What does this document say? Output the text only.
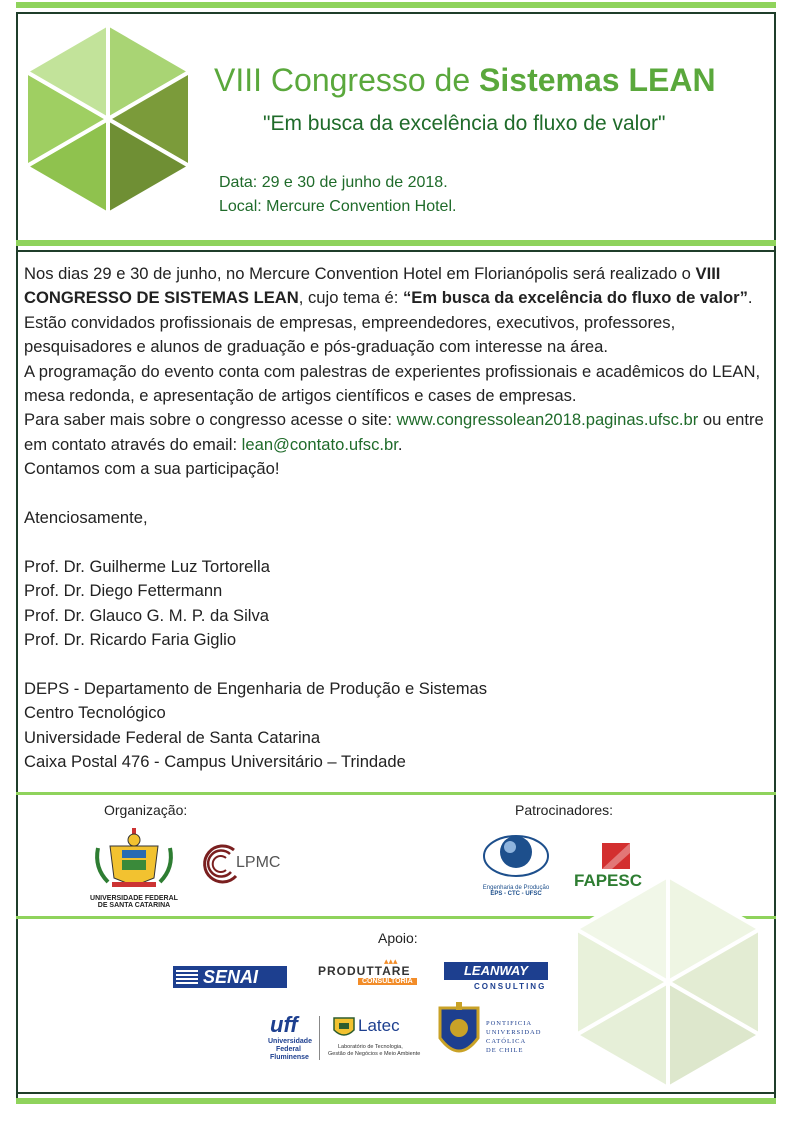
VIII Congresso de Sistemas LEAN
"Em busca da excelência do fluxo de valor"
Data: 29 e 30 de junho de 2018.
Local: Mercure Convention Hotel.

Nos dias 29 e 30 de junho, no Mercure Convention Hotel em Florianópolis será realizado o VIII CONGRESSO DE SISTEMAS LEAN, cujo tema é: “Em busca da excelência do fluxo de valor”.

Estão convidados profissionais de empresas, empreendedores, executivos, professores, pesquisadores e alunos de graduação e pós-graduação com interesse na área.

A programação do evento conta com palestras de experientes profissionais e acadêmicos do LEAN, mesa redonda, e apresentação de artigos científicos e cases de empresas.

Para saber mais sobre o congresso acesse o site: www.congressolean2018.paginas.ufsc.br ou entre em contato através do email: lean@contato.ufsc.br.

Contamos com a sua participação!

Atenciosamente,

Prof. Dr. Guilherme Luz Tortorella

Prof. Dr. Diego Fettermann

Prof. Dr. Glauco G. M. P. da Silva

Prof. Dr. Ricardo Faria Giglio

DEPS - Departamento de Engenharia de Produção e Sistemas

Centro Tecnológico

Universidade Federal de Santa Catarina

Caixa Postal 476 - Campus Universitário – Trindade

Organização:	Patrocinadores:
Apoio:
UNIVERSIDADE FEDERAL
DE SANTA CATARINA
LPMC
Engenharia de Produção
EPS - CTC - UFSC
FAPESC
SENAI	PRODUTTARE
CONSULTORIA
▴▴▴
LEANWAY
CONSULTING
uff
Universidade
Federal
Fluminense
Latec
Laboratório de Tecnologia,
Gestão de Negócios e Meio Ambiente
PONTIFICIA
UNIVERSIDAD
CATÓLICA
DE CHILE
